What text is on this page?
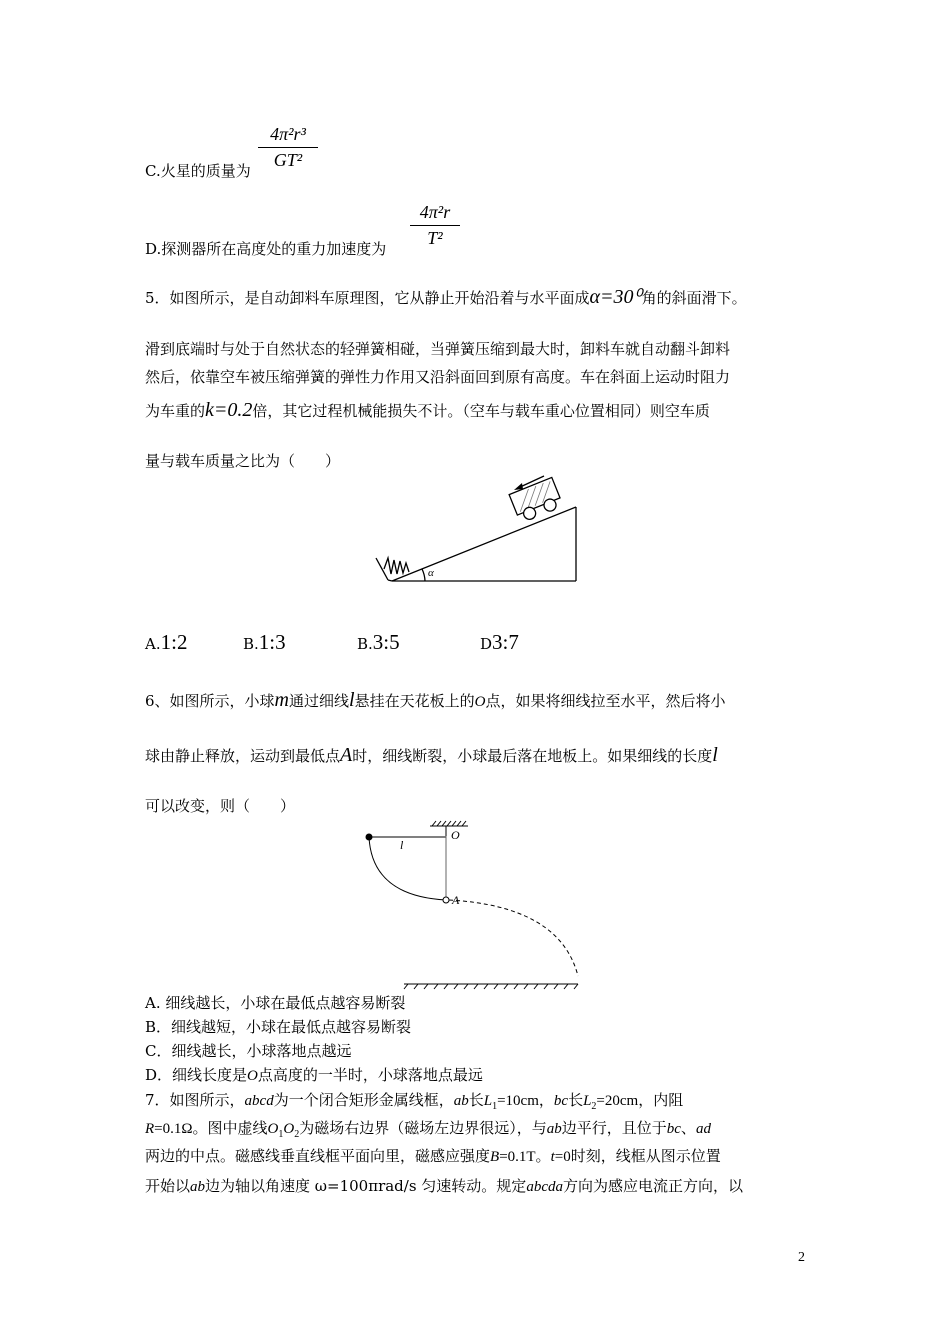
C.火星的质量为
4π²r³
GT²
D.探测器所在高度处的重力加速度为
4π²r
T²
5．如图所示，是自动卸料车原理图，它从静止开始沿着与水平面成α=30⁰角的斜面滑下。
滑到底端时与处于自然状态的轻弹簧相碰，当弹簧压缩到最大时，卸料车就自动翻斗卸料
然后，依靠空车被压缩弹簧的弹性力作用又沿斜面回到原有高度。车在斜面上运动时阻力
为车重的k=0.2倍，其它过程机械能损失不计。（空车与载车重心位置相同）则空车质
量与载车质量之比为（　　）
α
A.1:2	B.1:3	B.3:5	D3:7
6、如图所示，小球m通过细线l悬挂在天花板上的O点，如果将细线拉至水平，然后将小
球由静止释放，运动到最低点A时，细线断裂，小球最后落在地板上。如果细线的长度l
可以改变，则（　　）
O
l
A
A. 细线越长，小球在最低点越容易断裂
B．细线越短，小球在最低点越容易断裂
C．细线越长，小球落地点越远
D．细线长度是O点高度的一半时，小球落地点最远
7．如图所示，abcd为一个闭合矩形金属线框，ab长$L_1=10cm$，bc长$L_2=20cm$，内阻
R=0.1Ω。图中虚线$O_1O_2$为磁场右边界（磁场左边界很远），与ab边平行，且位于bc、ad
两边的中点。磁感线垂直线框平面向里，磁感应强度B=0.1T。t=0时刻，线框从图示位置
开始以ab边为轴以角速度 ω=100πrad/s 匀速转动。规定abcda方向为感应电流正方向，以
2
